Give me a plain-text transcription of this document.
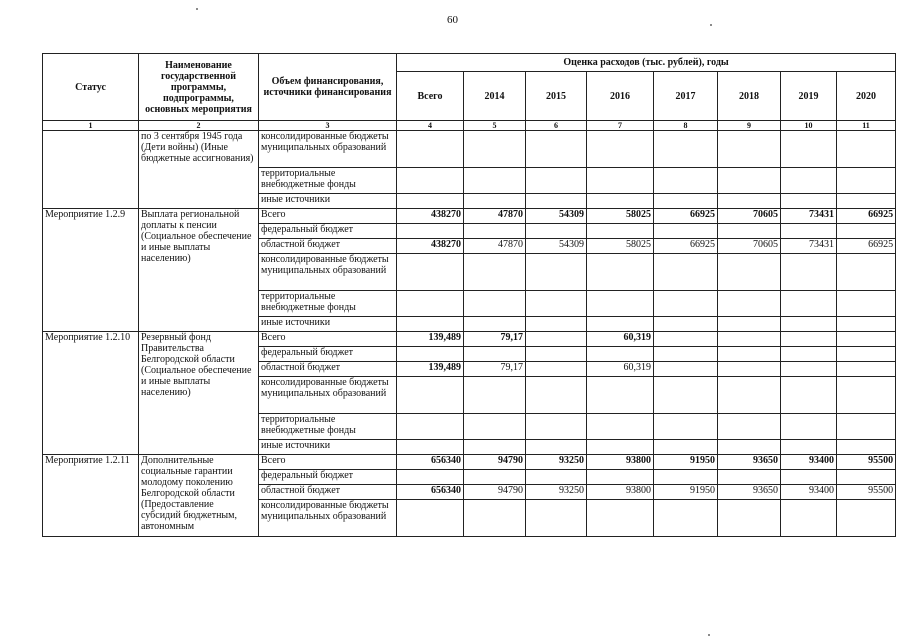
60
Статус	Наименование государственной программы, подпрограммы, основных мероприятия	Объем финансирования, источники финансирования	Оценка расходов (тыс. рублей), годы							
			Всего	2014	2015	2016	2017	2018	2019	2020
1	2	3	4	5	6	7	8	9	10	11
	по 3 сентября 1945 года (Дети войны) (Иные бюджетные ассигнования)	консолидированные бюджеты муниципальных образований								
		территориальные внебюджетные фонды								
		иные источники								
Мероприятие 1.2.9	Выплата региональной доплаты к пенсии (Социальное обеспечение и иные выплаты населению)	Всего	438270	47870	54309	58025	66925	70605	73431	66925
		федеральный бюджет								
		областной бюджет	438270	47870	54309	58025	66925	70605	73431	66925
		консолидированные бюджеты муниципальных образований								
		территориальные внебюджетные фонды								
		иные источники								
Мероприятие 1.2.10	Резервный фонд Правительства Белгородской области (Социальное обеспечение и иные выплаты населению)	Всего	139,489	79,17		60,319				
		федеральный бюджет								
		областной бюджет	139,489	79,17		60,319				
		консолидированные бюджеты муниципальных образований								
		территориальные внебюджетные фонды								
		иные источники								
Мероприятие 1.2.11	Дополнительные социальные гарантии молодому поколению Белгородской области (Предоставление субсидий бюджетным, автономным	Всего	656340	94790	93250	93800	91950	93650	93400	95500
		федеральный бюджет								
		областной бюджет	656340	94790	93250	93800	91950	93650	93400	95500
		консолидированные бюджеты муниципальных образований								
